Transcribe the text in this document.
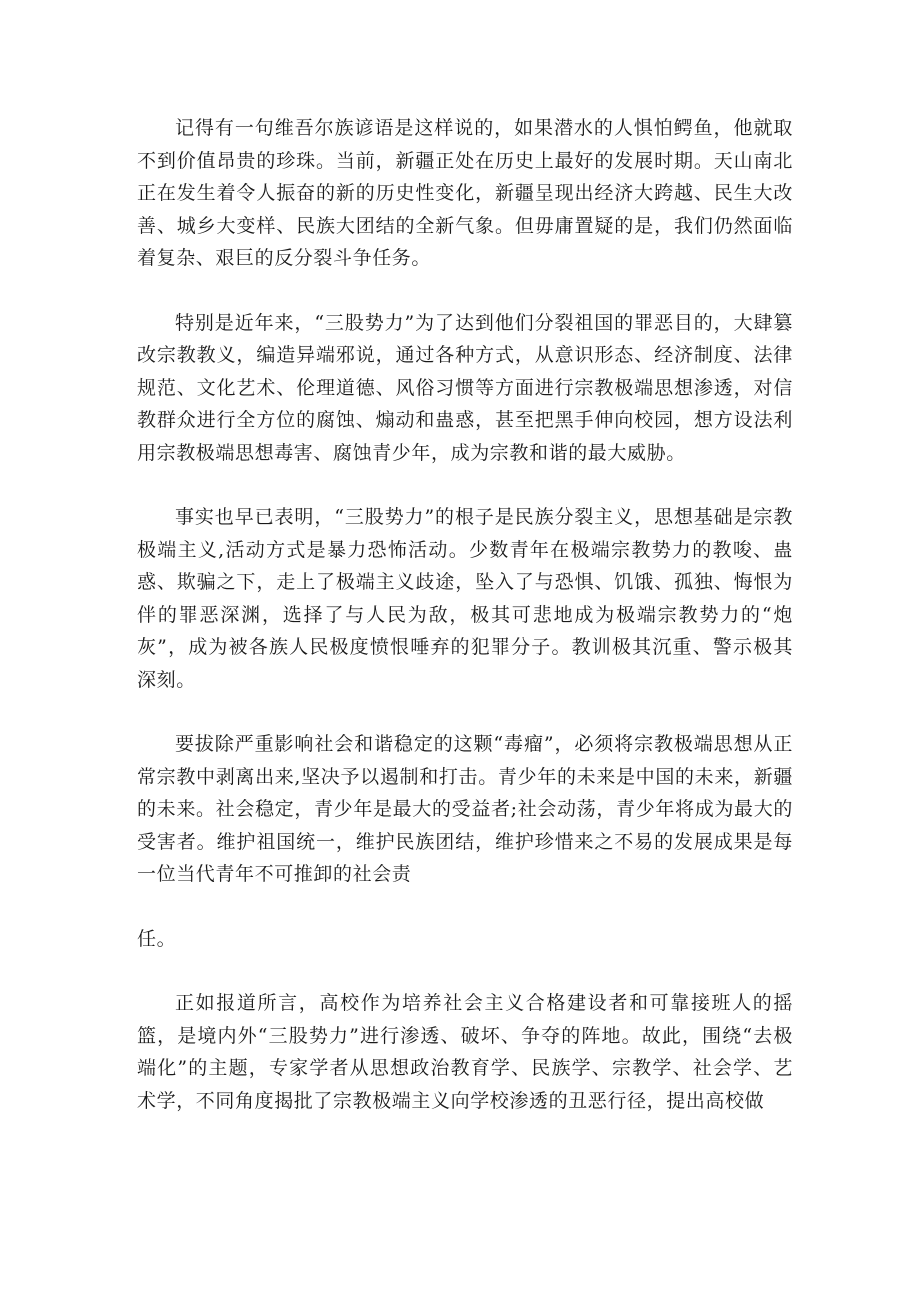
记得有一句维吾尔族谚语是这样说的，如果潜水的人惧怕鳄鱼，他就取不到价值昂贵的珍珠。当前，新疆正处在历史上最好的发展时期。天山南北正在发生着令人振奋的新的历史性变化，新疆呈现出经济大跨越、民生大改善、城乡大变样、民族大团结的全新气象。但毋庸置疑的是，我们仍然面临着复杂、艰巨的反分裂斗争任务。

特别是近年来，“三股势力”为了达到他们分裂祖国的罪恶目的，大肆篡改宗教教义，编造异端邪说，通过各种方式，从意识形态、经济制度、法律规范、文化艺术、伦理道德、风俗习惯等方面进行宗教极端思想渗透，对信教群众进行全方位的腐蚀、煽动和蛊惑，甚至把黑手伸向校园，想方设法利用宗教极端思想毒害、腐蚀青少年，成为宗教和谐的最大威胁。

事实也早已表明，“三股势力”的根子是民族分裂主义，思想基础是宗教极端主义,活动方式是暴力恐怖活动。少数青年在极端宗教势力的教唆、蛊惑、欺骗之下，走上了极端主义歧途，坠入了与恐惧、饥饿、孤独、悔恨为伴的罪恶深渊，选择了与人民为敌，极其可悲地成为极端宗教势力的“炮灰”，成为被各族人民极度愤恨唾弃的犯罪分子。教训极其沉重、警示极其深刻。

要拔除严重影响社会和谐稳定的这颗“毒瘤”，必须将宗教极端思想从正常宗教中剥离出来,坚决予以遏制和打击。青少年的未来是中国的未来，新疆的未来。社会稳定，青少年是最大的受益者;社会动荡，青少年将成为最大的受害者。维护祖国统一，维护民族团结，维护珍惜来之不易的发展成果是每一位当代青年不可推卸的社会责

任。

正如报道所言，高校作为培养社会主义合格建设者和可靠接班人的摇篮，是境内外“三股势力”进行渗透、破坏、争夺的阵地。故此，围绕“去极端化”的主题，专家学者从思想政治教育学、民族学、宗教学、社会学、艺术学，不同角度揭批了宗教极端主义向学校渗透的丑恶行径，提出高校做
